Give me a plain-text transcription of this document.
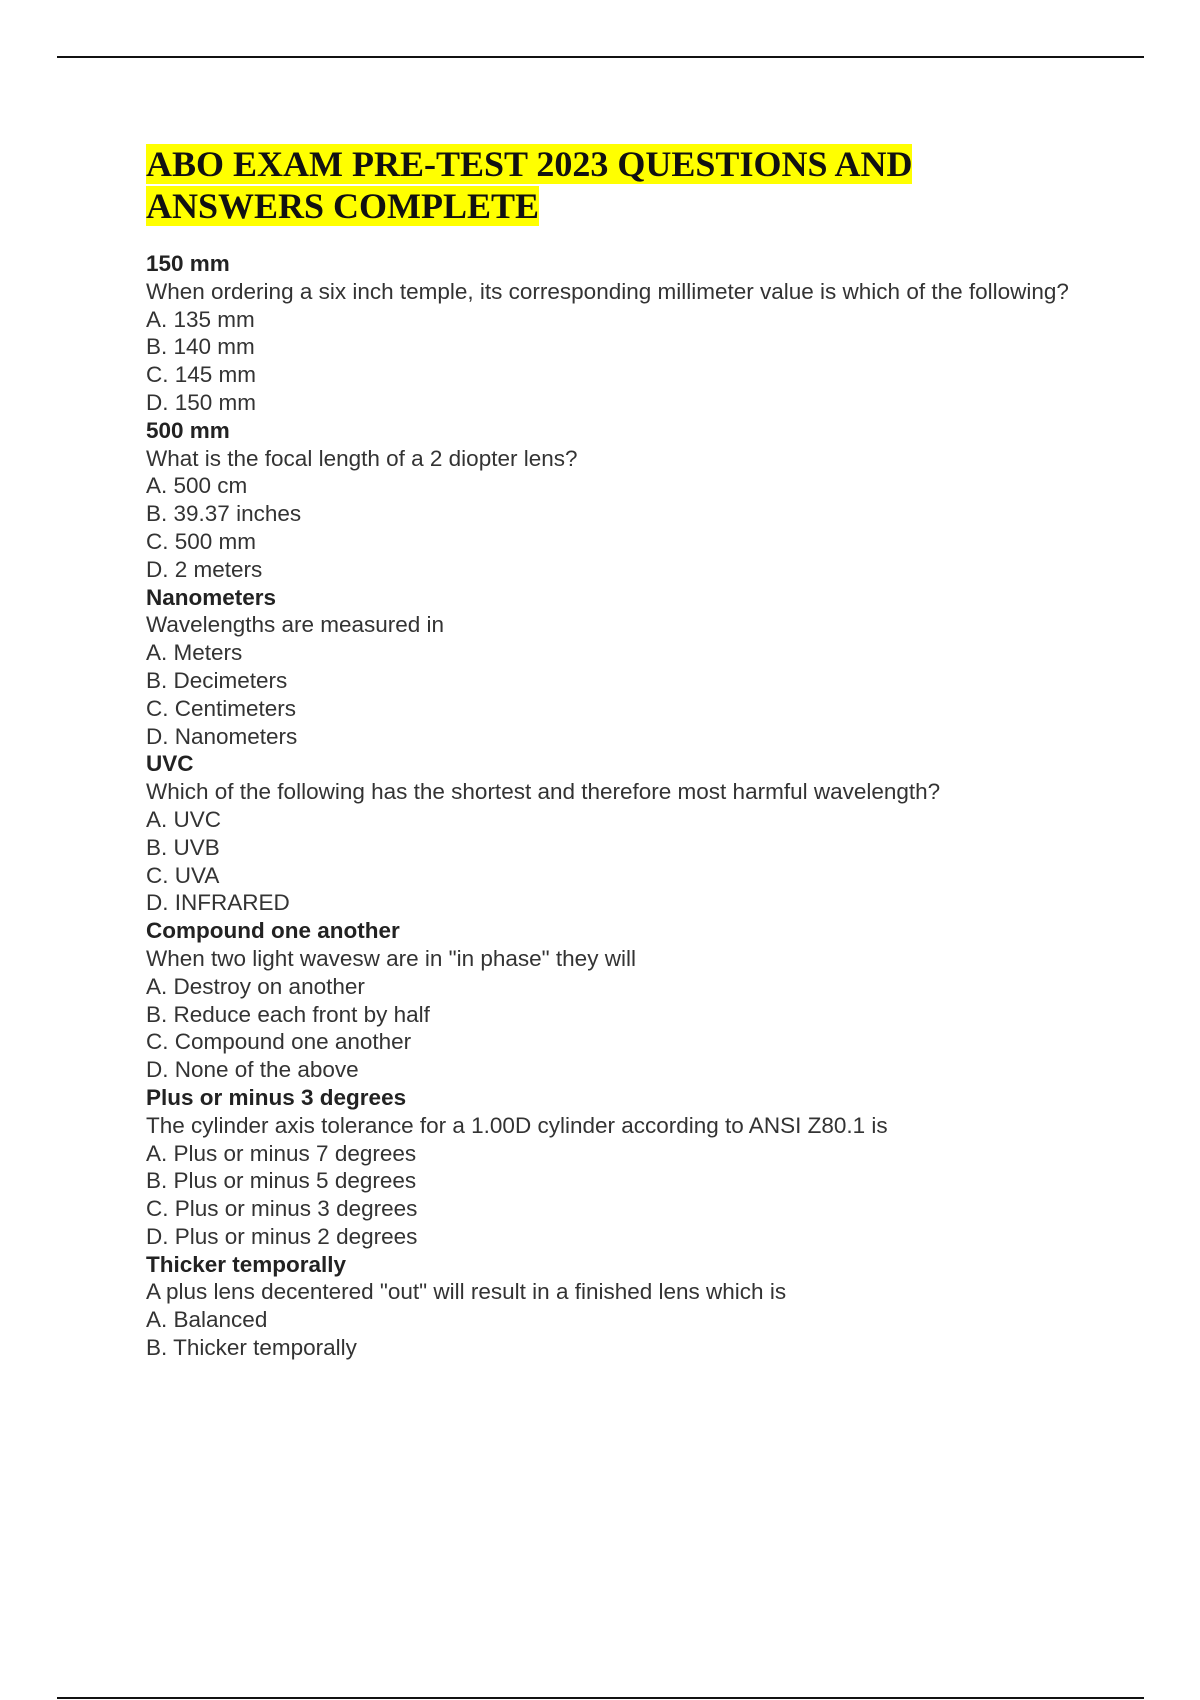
ABO EXAM PRE-TEST 2023 QUESTIONS AND
ANSWERS COMPLETE
150 mm
When ordering a six inch temple, its corresponding millimeter value is which of the following?
A. 135 mm
B. 140 mm
C. 145 mm
D. 150 mm
500 mm
What is the focal length of a 2 diopter lens?
A. 500 cm
B. 39.37 inches
C. 500 mm
D. 2 meters
Nanometers
Wavelengths are measured in
A. Meters
B. Decimeters
C. Centimeters
D. Nanometers
UVC
Which of the following has the shortest and therefore most harmful wavelength?
A. UVC
B. UVB
C. UVA
D. INFRARED
Compound one another
When two light wavesw are in "in phase" they will
A. Destroy on another
B. Reduce each front by half
C. Compound one another
D. None of the above
Plus or minus 3 degrees
The cylinder axis tolerance for a 1.00D cylinder according to ANSI Z80.1 is
A. Plus or minus 7 degrees
B. Plus or minus 5 degrees
C. Plus or minus 3 degrees
D. Plus or minus 2 degrees
Thicker temporally
A plus lens decentered "out" will result in a finished lens which is
A. Balanced
B. Thicker temporally
